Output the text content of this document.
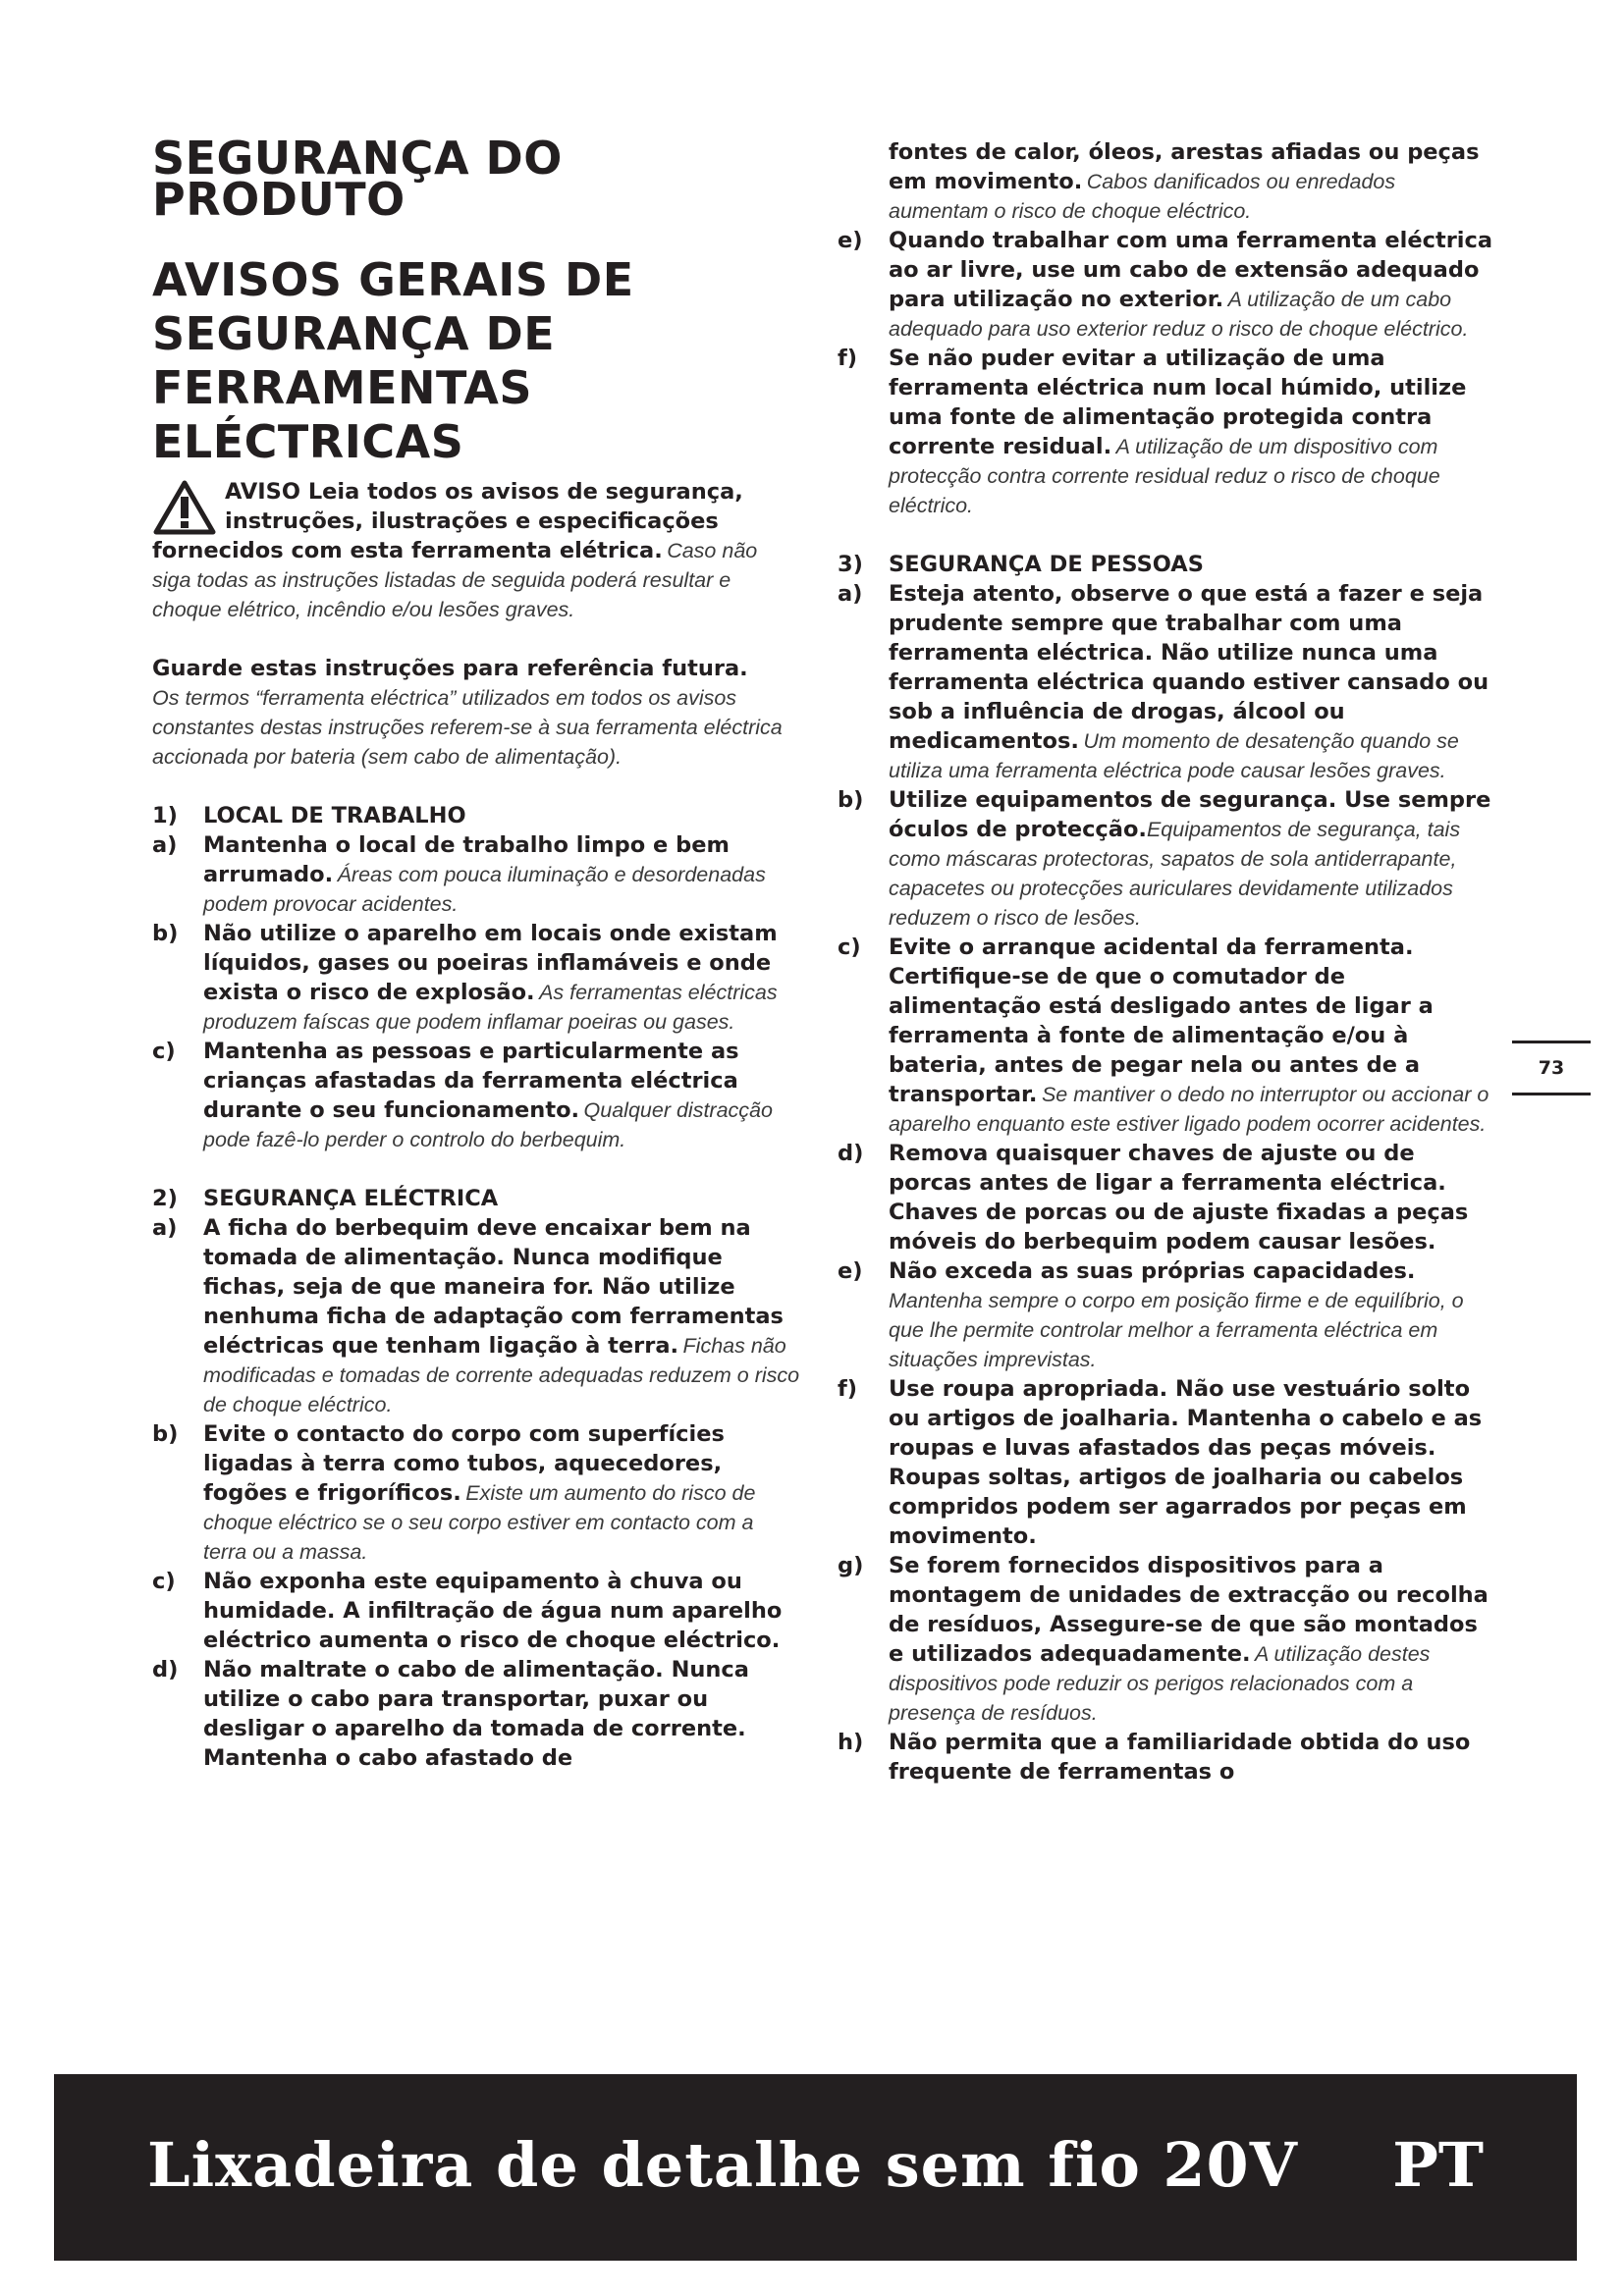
SEGURANÇA DO PRODUTO
AVISOS GERAIS DE SEGURANÇA DE FERRAMENTAS ELÉCTRICAS

AVISO Leia todos os avisos de segurança, instruções, ilustrações e especificações fornecidos com esta ferramenta elétrica. Caso não siga todas as instruções listadas de seguida poderá resultar e choque elétrico, incêndio e/ou lesões graves.

Guarde estas instruções para referência futura.

Os termos “ferramenta eléctrica” utilizados em todos os avisos constantes destas instruções referem-se à sua ferramenta eléctrica accionada por bateria (sem cabo de alimentação).

1)	LOCAL DE TRABALHO
a)	Mantenha o local de trabalho limpo e bem arrumado. Áreas com pouca iluminação e desordenadas podem provocar acidentes.

b)	Não utilize o aparelho em locais onde existam líquidos, gases ou poeiras inflamáveis e onde exista o risco de explosão. As ferramentas eléctricas produzem faíscas que podem inflamar poeiras ou gases.

c)	Mantenha as pessoas e particularmente as crianças afastadas da ferramenta eléctrica durante o seu funcionamento. Qualquer distracção pode fazê-lo perder o controlo do berbequim.

2)	SEGURANÇA ELÉCTRICA
a)	A ficha do berbequim deve encaixar bem na tomada de alimentação. Nunca modifique fichas, seja de que maneira for. Não utilize nenhuma ficha de adaptação com ferramentas eléctricas que tenham ligação à terra. Fichas não modificadas e tomadas de corrente adequadas reduzem o risco de choque eléctrico.

b)	Evite o contacto do corpo com superfícies ligadas à terra como tubos, aquecedores, fogões e frigoríficos. Existe um aumento do risco de choque eléctrico se o seu corpo estiver em contacto com a terra ou a massa.

c)	Não exponha este equipamento à chuva ou humidade. A infiltração de água num aparelho eléctrico aumenta o risco de choque eléctrico.

d)	Não maltrate o cabo de alimentação. Nunca utilize o cabo para transportar, puxar ou desligar o aparelho da tomada de corrente. Mantenha o cabo afastado de

fontes de calor, óleos, arestas afiadas ou peças em movimento. Cabos danificados ou enredados aumentam o risco de choque eléctrico.

e)	Quando trabalhar com uma ferramenta eléctrica ao ar livre, use um cabo de extensão adequado para utilização no exterior. A utilização de um cabo adequado para uso exterior reduz o risco de choque eléctrico.

f)	Se não puder evitar a utilização de uma ferramenta eléctrica num local húmido, utilize uma fonte de alimentação protegida contra corrente residual. A utilização de um dispositivo com protecção contra corrente residual reduz o risco de choque eléctrico.

3)	SEGURANÇA DE PESSOAS
a)	Esteja atento, observe o que está a fazer e seja prudente sempre que trabalhar com uma ferramenta eléctrica. Não utilize nunca uma ferramenta eléctrica quando estiver cansado ou sob a influência de drogas, álcool ou medicamentos. Um momento de desatenção quando se utiliza uma ferramenta eléctrica pode causar lesões graves.

b)	Utilize equipamentos de segurança. Use sempre óculos de protecção.Equipamentos de segurança, tais como máscaras protectoras, sapatos de sola antiderrapante, capacetes ou protecções auriculares devidamente utilizados reduzem o risco de lesões.

c)	Evite o arranque acidental da ferramenta. Certifique-se de que o comutador de alimentação está desligado antes de ligar a ferramenta à fonte de alimentação e/ou à bateria, antes de pegar nela ou antes de a transportar. Se mantiver o dedo no interruptor ou accionar o aparelho enquanto este estiver ligado podem ocorrer acidentes.

d)	Remova quaisquer chaves de ajuste ou de porcas antes de ligar a ferramenta eléctrica. Chaves de porcas ou de ajuste fixadas a peças móveis do berbequim podem causar lesões.

e)	Não exceda as suas próprias capacidades. Mantenha sempre o corpo em posição firme e de equilíbrio, o que lhe permite controlar melhor a ferramenta eléctrica em situações imprevistas.

f)	Use roupa apropriada. Não use vestuário solto ou artigos de joalharia. Mantenha o cabelo e as roupas e luvas afastados das peças móveis. Roupas soltas, artigos de joalharia ou cabelos compridos podem ser agarrados por peças em movimento.

g)	Se forem fornecidos dispositivos para a montagem de unidades de extracção ou recolha de resíduos, Assegure-se de que são montados e utilizados adequadamente. A utilização destes dispositivos pode reduzir os perigos relacionados com a presença de resíduos.

h)	Não permita que a familiaridade obtida do uso frequente de ferramentas o

73
Lixadeira de detalhe sem fio 20V PT
